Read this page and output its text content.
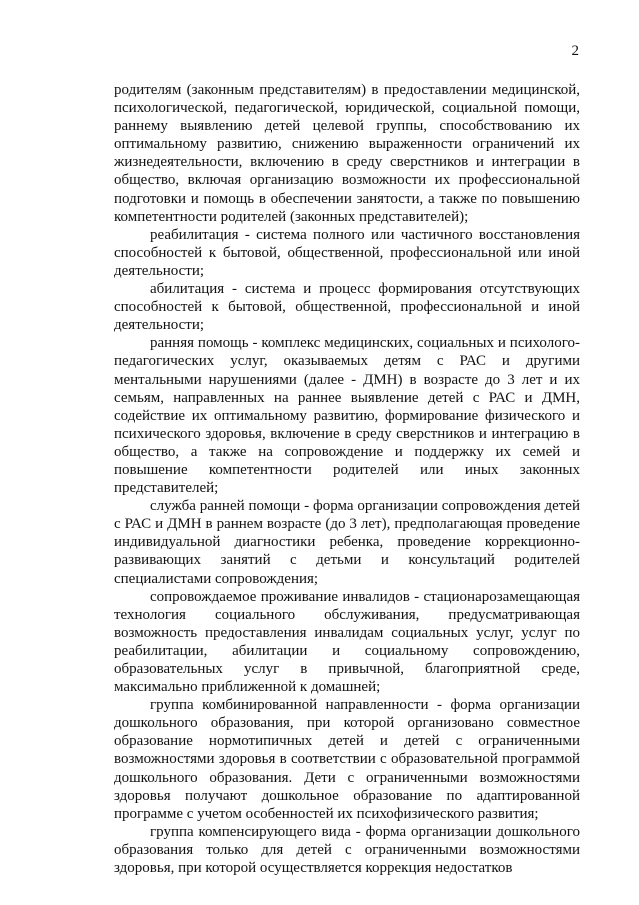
2

родителям (законным представителям) в предоставлении медицинской, психологической, педагогической, юридической, социальной помощи, раннему выявлению детей целевой группы, способствованию их оптимальному развитию, снижению выраженности ограничений их жизнедеятельности, включению в среду сверстников и интеграции в общество, включая организацию возможности их профессиональной подготовки и помощь в обеспечении занятости, а также по повышению компетентности родителей (законных представителей);

реабилитация - система полного или частичного восстановления способностей к бытовой, общественной, профессиональной или иной деятельности;

абилитация - система и процесс формирования отсутствующих способностей к бытовой, общественной, профессиональной и иной деятельности;

ранняя помощь - комплекс медицинских, социальных и психолого-педагогических услуг, оказываемых детям с РАС и другими ментальными нарушениями (далее - ДМН) в возрасте до 3 лет и их семьям, направленных на раннее выявление детей с РАС и ДМН, содействие их оптимальному развитию, формирование физического и психического здоровья, включение в среду сверстников и интеграцию в общество, а также на сопровождение и поддержку их семей и повышение компетентности родителей или иных законных представителей;

служба ранней помощи - форма организации сопровождения детей с РАС и ДМН в раннем возрасте (до 3 лет), предполагающая проведение индивидуальной диагностики ребенка, проведение коррекционно-развивающих занятий с детьми и консультаций родителей специалистами сопровождения;

сопровождаемое проживание инвалидов - стационарозамещающая технология социального обслуживания, предусматривающая возможность предоставления инвалидам социальных услуг, услуг по реабилитации, абилитации и социальному сопровождению, образовательных услуг в привычной, благоприятной среде, максимально приближенной к домашней;

группа комбинированной направленности - форма организации дошкольного образования, при которой организовано совместное образование нормотипичных детей и детей с ограниченными возможностями здоровья в соответствии с образовательной программой дошкольного образования. Дети с ограниченными возможностями здоровья получают дошкольное образование по адаптированной программе с учетом особенностей их психофизического развития;

группа компенсирующего вида - форма организации дошкольного образования только для детей с ограниченными возможностями здоровья, при которой осуществляется коррекция недостатков
